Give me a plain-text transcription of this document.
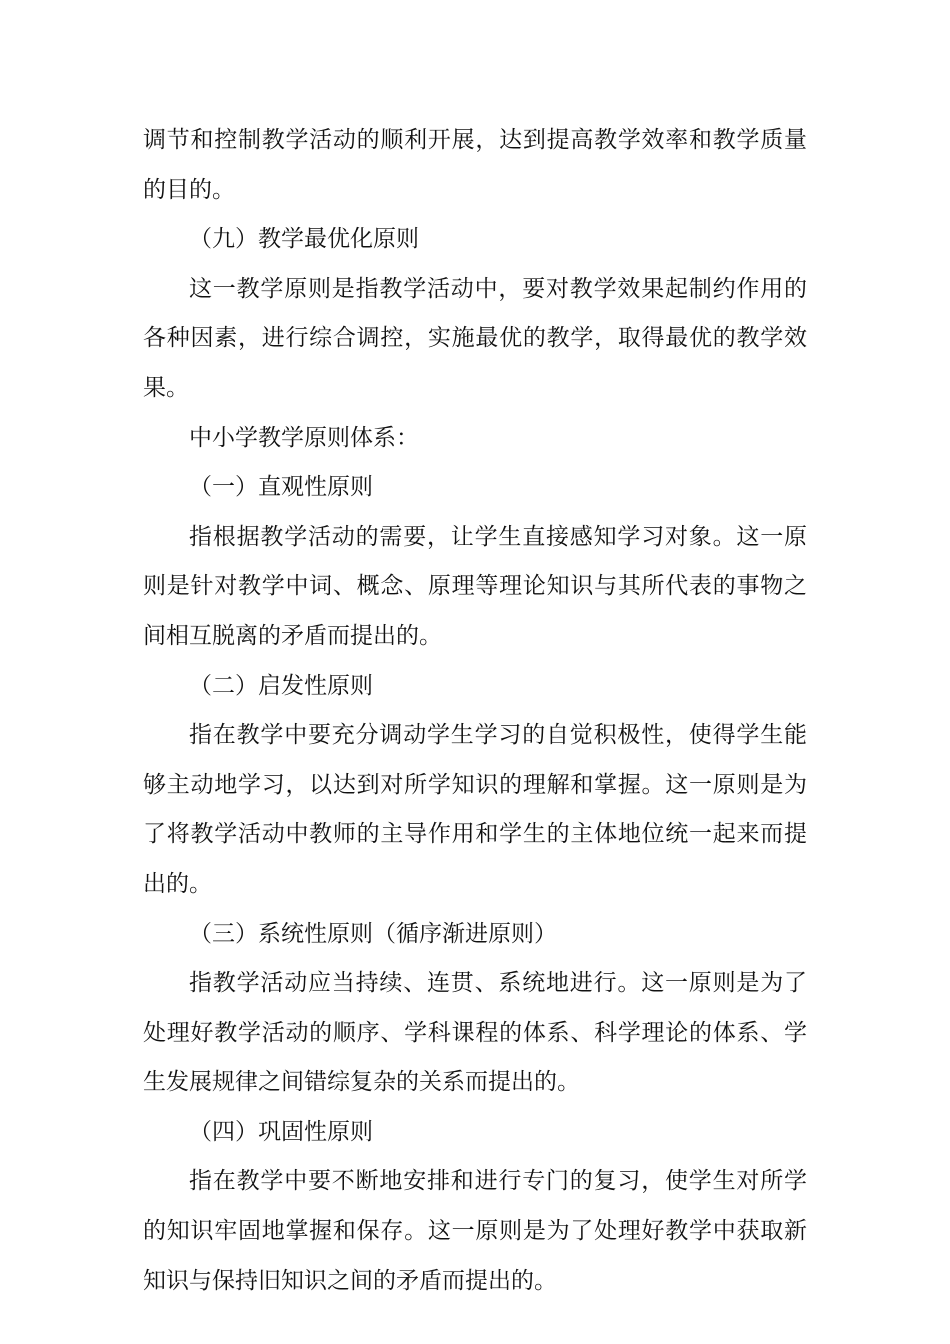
调节和控制教学活动的顺利开展，达到提高教学效率和教学质量的目的。

（九）教学最优化原则

这一教学原则是指教学活动中，要对教学效果起制约作用的各种因素，进行综合调控，实施最优的教学，取得最优的教学效果。

中小学教学原则体系：

（一）直观性原则

指根据教学活动的需要，让学生直接感知学习对象。这一原则是针对教学中词、概念、原理等理论知识与其所代表的事物之间相互脱离的矛盾而提出的。

（二）启发性原则

指在教学中要充分调动学生学习的自觉积极性，使得学生能够主动地学习，以达到对所学知识的理解和掌握。这一原则是为了将教学活动中教师的主导作用和学生的主体地位统一起来而提出的。

（三）系统性原则（循序渐进原则）

指教学活动应当持续、连贯、系统地进行。这一原则是为了处理好教学活动的顺序、学科课程的体系、科学理论的体系、学生发展规律之间错综复杂的关系而提出的。

（四）巩固性原则

指在教学中要不断地安排和进行专门的复习，使学生对所学的知识牢固地掌握和保存。这一原则是为了处理好教学中获取新知识与保持旧知识之间的矛盾而提出的。
